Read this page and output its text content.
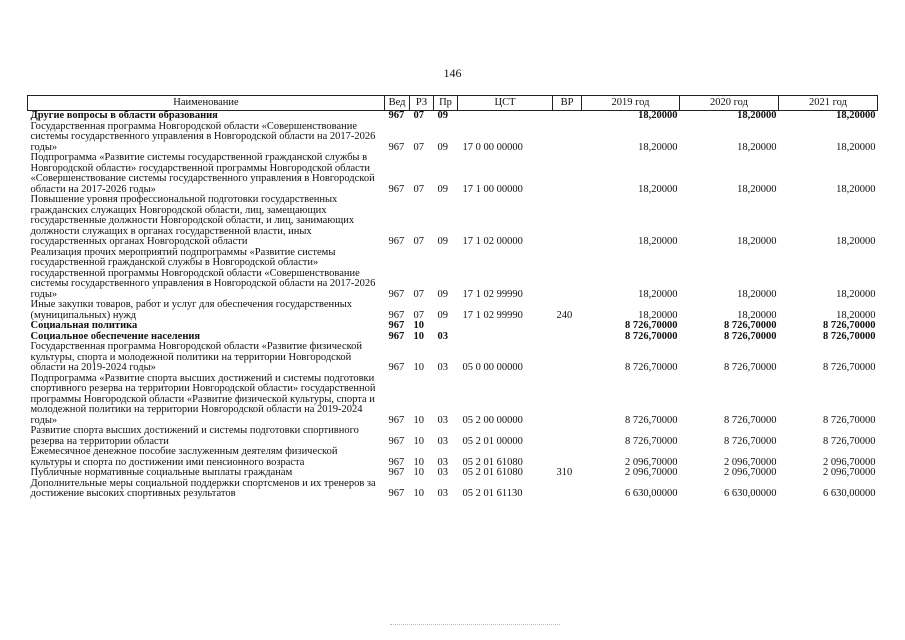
146
Наименование	Вед	РЗ	Пр	ЦСТ	ВР	2019 год	2020 год	2021 год
Другие вопросы в области образования	967	07	09			18,20000	18,20000	18,20000
Государственная программа Новгородской области «Совершенствование системы государственного управления в Новгородской области на 2017-2026 годы»	967	07	09	17 0 00 00000		18,20000	18,20000	18,20000
Подпрограмма «Развитие системы государственной гражданской службы в Новгородской области» государственной программы Новгородской области «Совершенствование системы государственного управления в Новгородской области на 2017-2026 годы»	967	07	09	17 1 00 00000		18,20000	18,20000	18,20000
Повышение уровня профессиональной подготовки государственных гражданских служащих Новгородской области, лиц, замещающих государственные должности Новгородской области, и лиц, занимающих должности служащих в органах государственной власти, иных государственных органах Новгородской области	967	07	09	17 1 02 00000		18,20000	18,20000	18,20000
Реализация прочих мероприятий подпрограммы «Развитие системы государственной гражданской службы в Новгородской области» государственной программы Новгородской области «Совершенствование системы государственного управления в Новгородской области на 2017-2026 годы»	967	07	09	17 1 02 99990		18,20000	18,20000	18,20000
Иные закупки товаров, работ и услуг для обеспечения государственных (муниципальных) нужд	967	07	09	17 1 02 99990	240	18,20000	18,20000	18,20000
Социальная политика	967	10				8 726,70000	8 726,70000	8 726,70000
Социальное обеспечение населения	967	10	03			8 726,70000	8 726,70000	8 726,70000
Государственная программа Новгородской области «Развитие физической культуры, спорта и молодежной политики на территории Новгородской области на 2019-2024 годы»	967	10	03	05 0 00 00000		8 726,70000	8 726,70000	8 726,70000
Подпрограмма «Развитие спорта высших достижений и системы подготовки спортивного резерва на территории Новгородской области» государственной программы Новгородской области «Развитие физической культуры, спорта и молодежной политики на территории Новгородской области на 2019-2024 годы»	967	10	03	05 2 00 00000		8 726,70000	8 726,70000	8 726,70000
Развитие спорта высших достижений и системы подготовки спортивного резерва на территории области	967	10	03	05 2 01 00000		8 726,70000	8 726,70000	8 726,70000
Ежемесячное денежное пособие заслуженным деятелям физической культуры и спорта по достижении ими пенсионного возраста	967	10	03	05 2 01 61080		2 096,70000	2 096,70000	2 096,70000
Публичные нормативные социальные выплаты гражданам	967	10	03	05 2 01 61080	310	2 096,70000	2 096,70000	2 096,70000
Дополнительные меры социальной поддержки спортсменов и их тренеров за достижение высоких спортивных результатов	967	10	03	05 2 01 61130		6 630,00000	6 630,00000	6 630,00000
